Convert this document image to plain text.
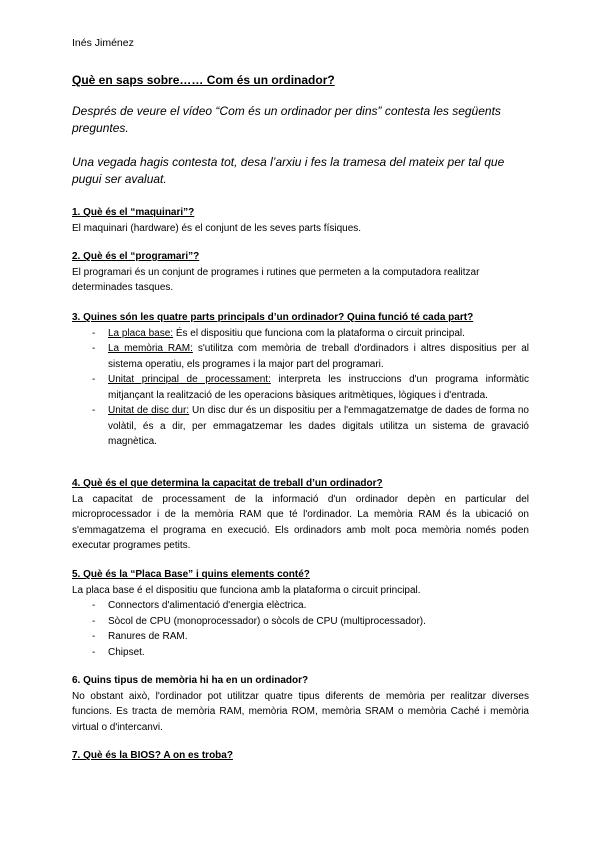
Inés Jiménez
Què en saps sobre…… Com és un ordinador?

Després de veure el vídeo “Com és un ordinador per dins” contesta les següents preguntes.

Una vegada hagis contesta tot, desa l’arxiu i fes la tramesa del mateix per tal que pugui ser avaluat.

1. Què és el “maquinari”?

El maquinari (hardware) és el conjunt de les seves parts físiques.

2. Què és el “programari”?

El programari és un conjunt de programes i rutines que permeten a la computadora realitzar determinades tasques.

3. Quines són les quatre parts principals d’un ordinador? Quina funció té cada part?

- La placa base: És el dispositiu que funciona com la plataforma o circuit principal.
- La memòria RAM: s'utilitza com memòria de treball d'ordinadors i altres dispositius per al sistema operatiu, els programes i la major part del programari.
- Unitat principal de processament: interpreta les instruccions d'un programa informàtic mitjançant la realització de les operacions bàsiques aritmètiques, lògiques i d'entrada.
- Unitat de disc dur: Un disc dur és un dispositiu per a l'emmagatzematge de dades de forma no volàtil, és a dir, per emmagatzemar les dades digitals utilitza un sistema de gravació magnètica.

4. Què és el que determina la capacitat de treball d’un ordinador?

La capacitat de processament de la informació d'un ordinador depèn en particular del microprocessador i de la memòria RAM que té l'ordinador. La memòria RAM és la ubicació on s'emmagatzema el programa en execució. Els ordinadors amb molt poca memòria només poden executar programes petits.

5. Què és la “Placa Base” i quins elements conté?

La placa base é el dispositiu que funciona amb la plataforma o circuit principal.

- Connectors d'alimentació d'energia elèctrica.
- Sòcol de CPU (monoprocessador) o sòcols de CPU (multiprocessador).
- Ranures de RAM.
- Chipset.

6. Quins tipus de memòria hi ha en un ordinador?

No obstant això, l'ordinador pot utilitzar quatre tipus diferents de memòria per realitzar diverses funcions. Es tracta de memòria RAM, memòria ROM, memòria SRAM o memòria Caché i memòria virtual o d'intercanvi.

7. Què és la BIOS? A on es troba?
